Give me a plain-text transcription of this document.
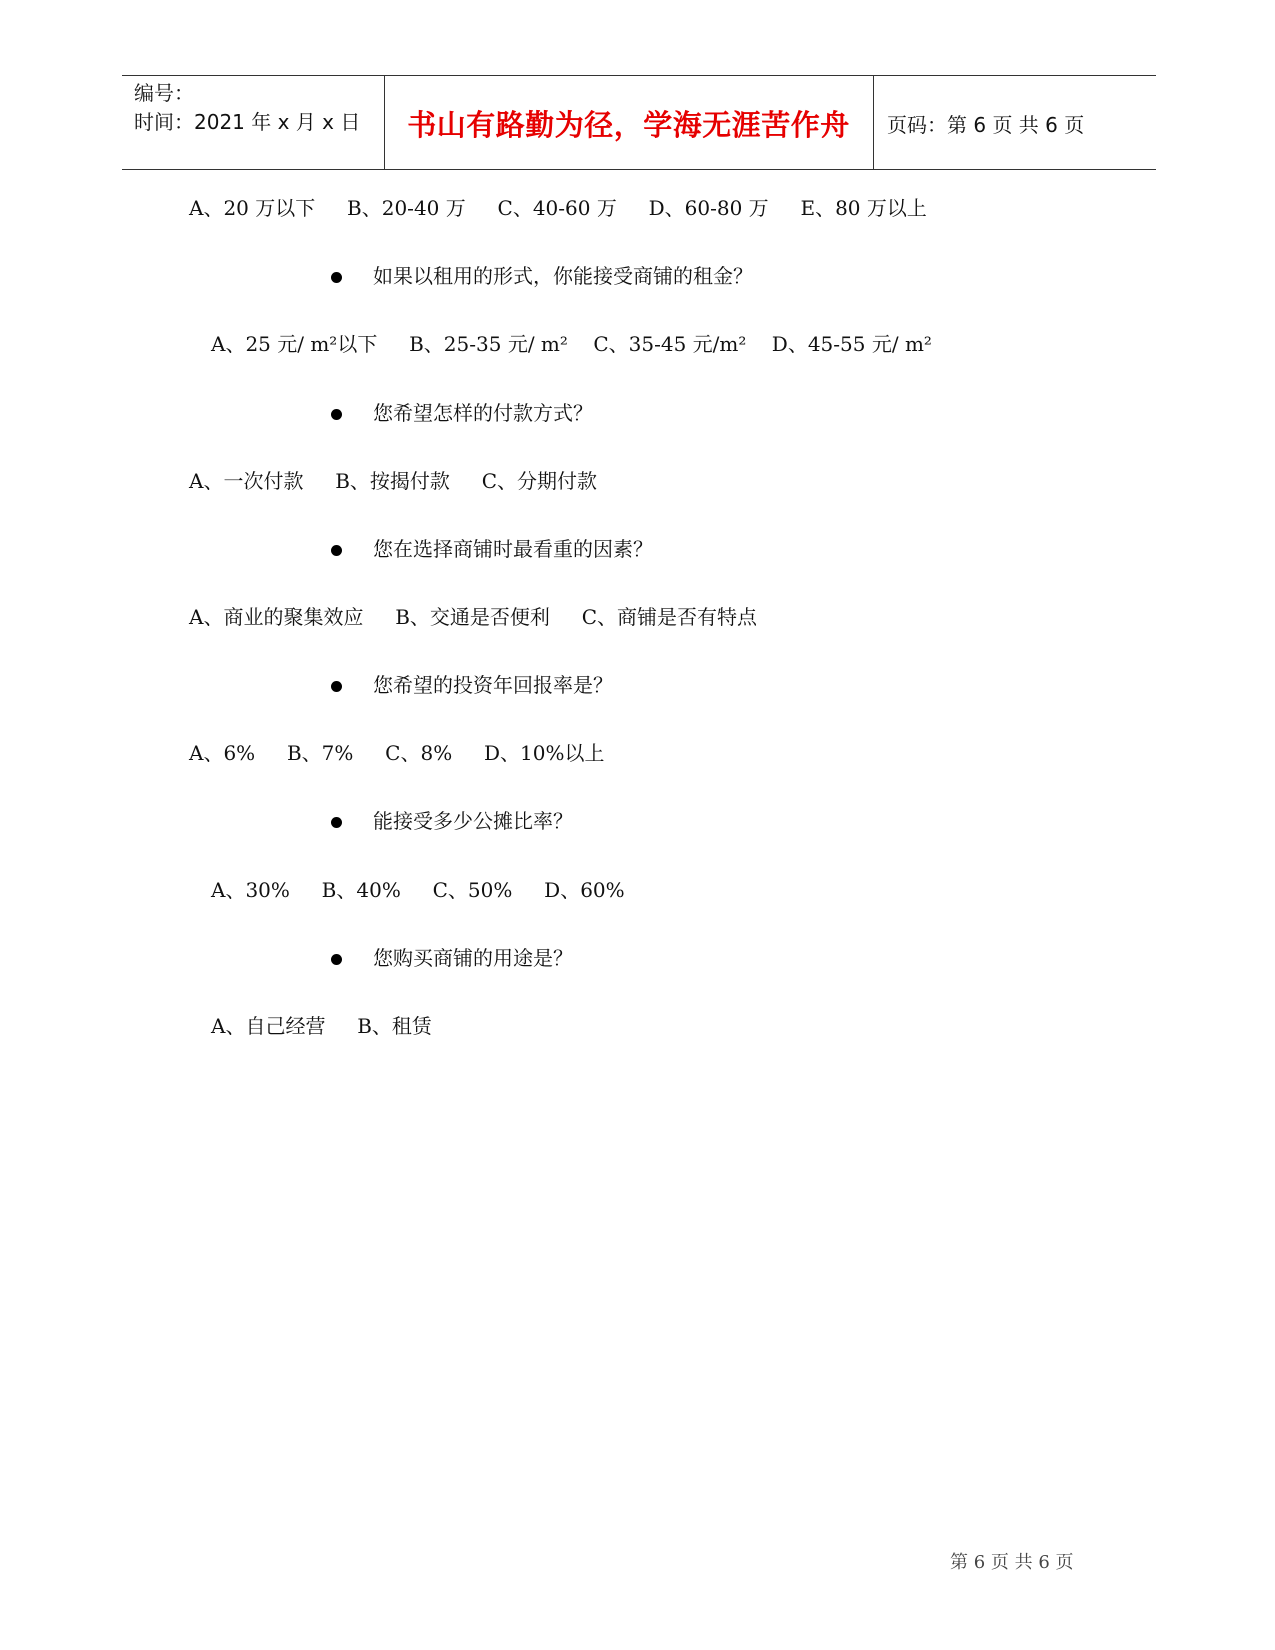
编号：
时间：2021 年 x 月 x 日	书山有路勤为径，学海无涯苦作舟	页码：第 6 页 共 6 页
A、20 万以下     B、20-40 万     C、40-60 万     D、60-80 万     E、80 万以上

如果以租用的形式，你能接受商铺的租金？

A、25 元/ m²以下     B、25-35 元/ m²    C、35-45 元/m²    D、45-55 元/ m²

您希望怎样的付款方式？

A、一次付款     B、按揭付款     C、分期付款

您在选择商铺时最看重的因素？

A、商业的聚集效应     B、交通是否便利     C、商铺是否有特点

您希望的投资年回报率是？

A、6%     B、7%     C、8%     D、10%以上

能接受多少公摊比率？

A、30%     B、40%     C、50%     D、60%

您购买商铺的用途是？

A、自己经营     B、租赁
第 6 页 共 6 页
